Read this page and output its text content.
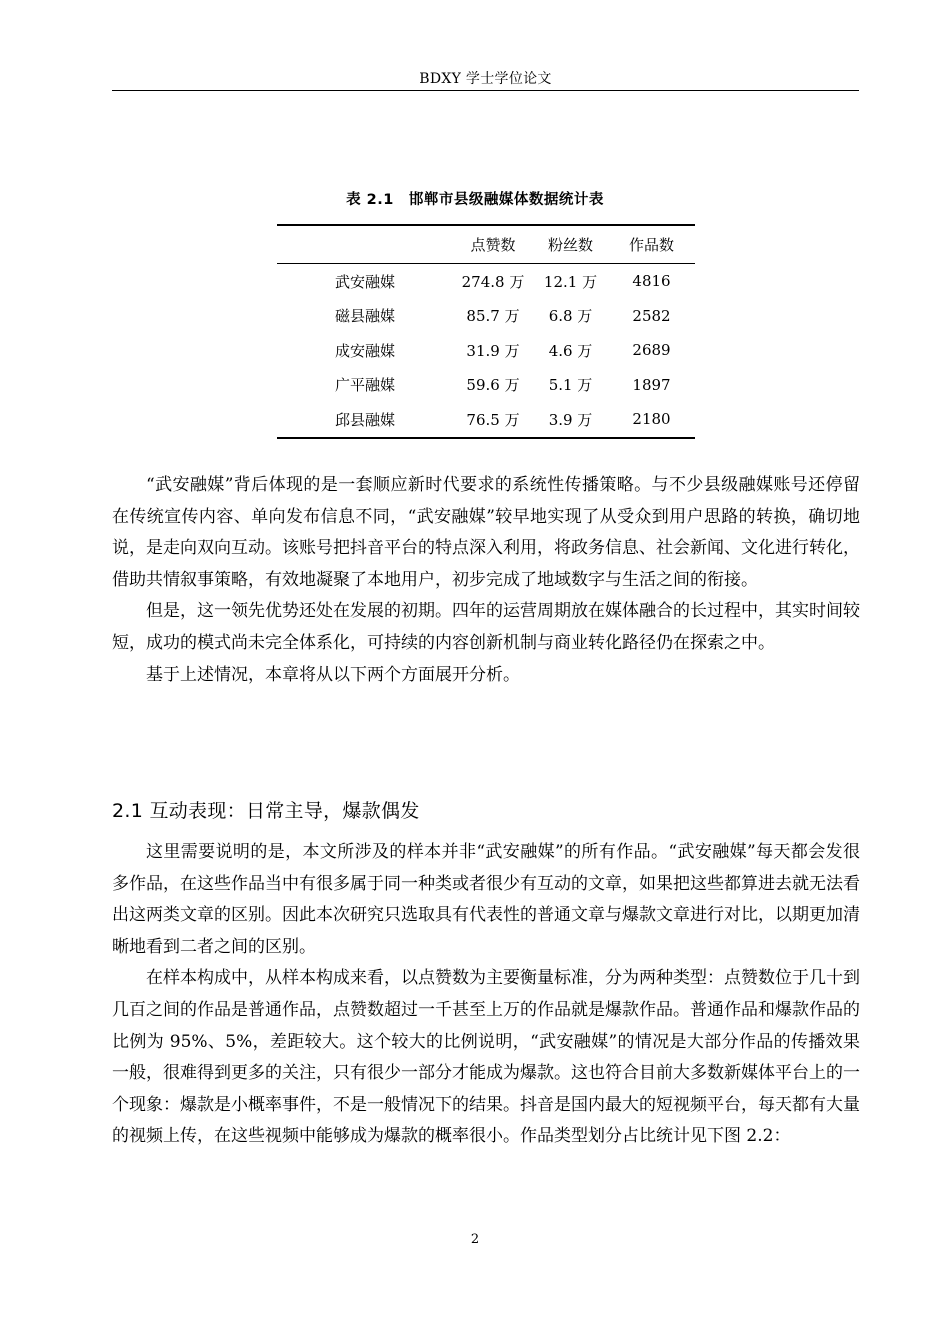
BDXY 学士学位论文
表 2.1　邯郸市县级融媒体数据统计表
	点赞数	粉丝数	作品数
武安融媒	274.8 万	12.1 万	4816
磁县融媒	85.7 万	6.8 万	2582
成安融媒	31.9 万	4.6 万	2689
广平融媒	59.6 万	5.1 万	1897
邱县融媒	76.5 万	3.9 万	2180

“武安融媒”背后体现的是一套顺应新时代要求的系统性传播策略。与不少县级融媒账号还停留在传统宣传内容、单向发布信息不同，“武安融媒”较早地实现了从受众到用户思路的转换，确切地说，是走向双向互动。该账号把抖音平台的特点深入利用，将政务信息、社会新闻、文化进行转化，借助共情叙事策略，有效地凝聚了本地用户，初步完成了地域数字与生活之间的衔接。

但是，这一领先优势还处在发展的初期。四年的运营周期放在媒体融合的长过程中，其实时间较短，成功的模式尚未完全体系化，可持续的内容创新机制与商业转化路径仍在探索之中。

基于上述情况，本章将从以下两个方面展开分析。

2.1 互动表现：日常主导，爆款偶发

这里需要说明的是，本文所涉及的样本并非“武安融媒”的所有作品。“武安融媒”每天都会发很多作品，在这些作品当中有很多属于同一种类或者很少有互动的文章，如果把这些都算进去就无法看出这两类文章的区别。因此本次研究只选取具有代表性的普通文章与爆款文章进行对比，以期更加清晰地看到二者之间的区别。

在样本构成中，从样本构成来看，以点赞数为主要衡量标准，分为两种类型：点赞数位于几十到几百之间的作品是普通作品，点赞数超过一千甚至上万的作品就是爆款作品。普通作品和爆款作品的比例为 95%、5%，差距较大。这个较大的比例说明，“武安融媒”的情况是大部分作品的传播效果一般，很难得到更多的关注，只有很少一部分才能成为爆款。这也符合目前大多数新媒体平台上的一个现象：爆款是小概率事件，不是一般情况下的结果。抖音是国内最大的短视频平台，每天都有大量的视频上传，在这些视频中能够成为爆款的概率很小。作品类型划分占比统计见下图 2.2：

2
